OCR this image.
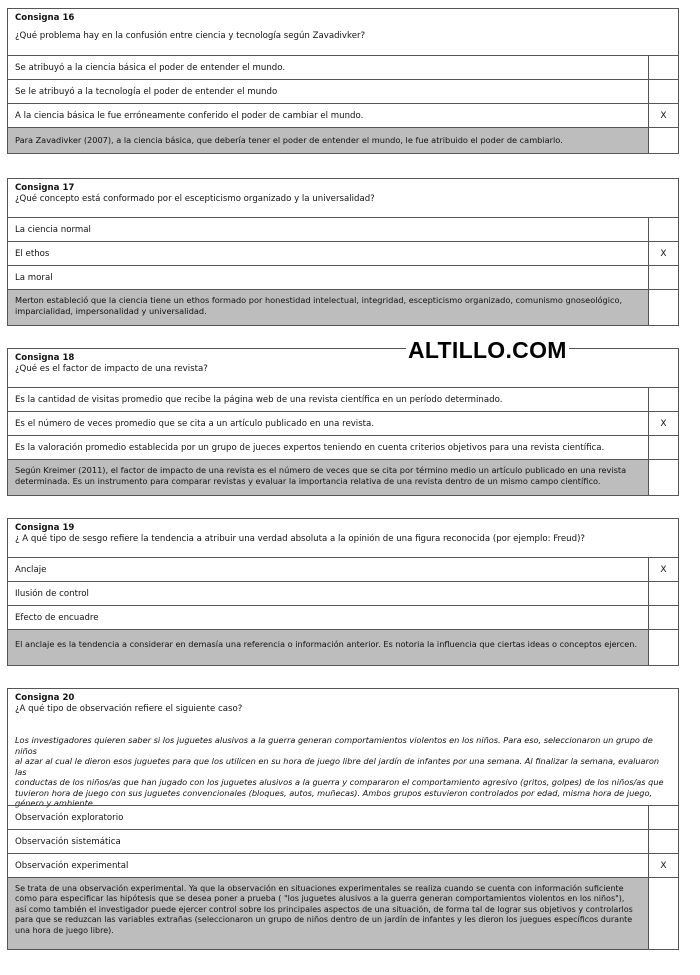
Consigna 16
¿Qué problema hay en la confusión entre ciencia y tecnología según Zavadivker?
Se atribuyó a la ciencia básica el poder de entender el mundo.
Se le atribuyó a la tecnología el poder de entender el mundo
A la ciencia básica le fue erróneamente conferido el poder de cambiar el mundo.	X
Para Zavadivker (2007), a la ciencia básica, que debería tener el poder de entender el mundo, le fue atribuido el poder de cambiarlo.
Consigna 17
¿Qué concepto está conformado por el escepticismo organizado y la universalidad?
La ciencia normal
El ethos	X
La moral
Merton estableció que la ciencia tiene un ethos formado por honestidad intelectual, integridad, escepticismo organizado, comunismo gnoseológico,
imparcialidad, impersonalidad y universalidad.
Consigna 18
¿Qué es el factor de impacto de una revista?
Es la cantidad de visitas promedio que recibe la página web de una revista científica en un período determinado.
Es el número de veces promedio que se cita a un artículo publicado en una revista.	X
Es la valoración promedio establecida por un grupo de jueces expertos teniendo en cuenta criterios objetivos para una revista científica.
Según Kreimer (2011), el factor de impacto de una revista es el número de veces que se cita por término medio un artículo publicado en una revista
determinada. Es un instrumento para comparar revistas y evaluar la importancia relativa de una revista dentro de un mismo campo científico.
ALTILLO.COM
Consigna 19
¿ A qué tipo de sesgo refiere la tendencia a atribuir una verdad absoluta a la opinión de una figura reconocida (por ejemplo: Freud)?
Anclaje	X
Ilusión de control
Efecto de encuadre
El anclaje es la tendencia a considerar en demasía una referencia o información anterior. Es notoria la influencia que ciertas ideas o conceptos ejercen.
Consigna 20
¿A qué tipo de observación refiere el siguiente caso?
Los investigadores quieren saber si los juguetes alusivos a la guerra generan comportamientos violentos en los niños. Para eso, seleccionaron un grupo de niños
al azar al cual le dieron esos juguetes para que los utilicen en su hora de juego libre del jardín de infantes por una semana. Al finalizar la semana, evaluaron las
conductas de los niños/as que han jugado con los juguetes alusivos a la guerra y compararon el comportamiento agresivo (gritos, golpes) de los niños/as que
tuvieron hora de juego con sus juguetes convencionales (bloques, autos, muñecas). Ambos grupos estuvieron controlados por edad, misma hora de juego,
género y ambiente.
Observación exploratorio
Observación sistemática
Observación experimental	X
Se trata de una observación experimental. Ya que la observación en situaciones experimentales se realiza cuando se cuenta con información suficiente
como para especificar las hipótesis que se desea poner a prueba ( "los juguetes alusivos a la guerra generan comportamientos violentos en los niños"),
así como también el investigador puede ejercer control sobre los principales aspectos de una situación, de forma tal de lograr sus objetivos y controlarlos
para que se reduzcan las variables extrañas (seleccionaron un grupo de niños dentro de un jardín de infantes y les dieron los juegues específicos durante
una hora de juego libre).
